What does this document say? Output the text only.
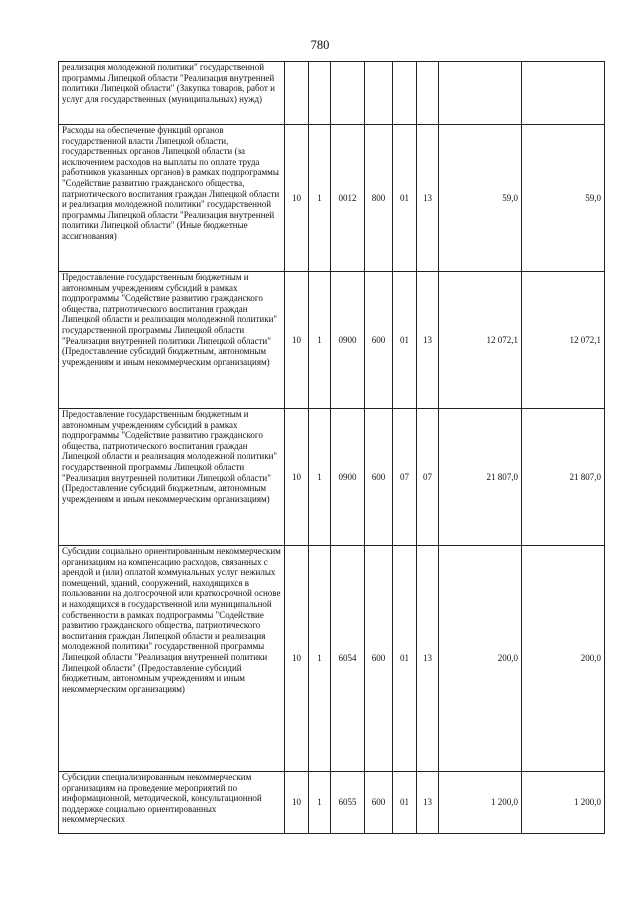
780
реализация молодежной политики" государственной программы Липецкой области "Реализация внутренней политики Липецкой области" (Закупка товаров, работ и услуг для государственных (муниципальных) нужд)								
Расходы на обеспечение функций органов государственной власти Липецкой области, государственных органов Липецкой области (за исключением расходов на выплаты по оплате труда работников указанных органов) в рамках подпрограммы "Содействие развитию гражданского общества, патриотического воспитания граждан Липецкой области и реализация молодежной политики" государственной программы Липецкой области "Реализация внутренней политики Липецкой области" (Иные бюджетные ассигнования)	10	1	0012	800	01	13	59,0	59,0
Предоставление государственным бюджетным и автономным учреждениям субсидий в рамках подпрограммы "Содействие развитию гражданского общества, патриотического воспитания граждан Липецкой области и реализация молодежной политики" государственной программы Липецкой области "Реализация внутренней политики Липецкой области" (Предоставление субсидий бюджетным, автономным учреждениям и иным некоммерческим организациям)	10	1	0900	600	01	13	12 072,1	12 072,1
Предоставление государственным бюджетным и автономным учреждениям субсидий в рамках подпрограммы "Содействие развитию гражданского общества, патриотического воспитания граждан Липецкой области и реализация молодежной политики" государственной программы Липецкой области "Реализация внутренней политики Липецкой области" (Предоставление субсидий бюджетным, автономным учреждениям и иным некоммерческим организациям)	10	1	0900	600	07	07	21 807,0	21 807,0
Субсидии социально ориентированным некоммерческим организациям на компенсацию расходов, связанных с арендой и (или) оплатой коммунальных услуг нежилых помещений, зданий, сооружений, находящихся в пользовании на долгосрочной или краткосрочной основе и находящихся в государственной или муниципальной собственности в рамках подпрограммы "Содействие развитию гражданского общества, патриотического воспитания граждан Липецкой области и реализация молодежной политики" государственной программы Липецкой области "Реализация внутренней политики Липецкой области" (Предоставление субсидий бюджетным, автономным учреждениям и иным некоммерческим организациям)	10	1	6054	600	01	13	200,0	200,0
Субсидии специализированным некоммерческим организациям на проведение мероприятий по информационной, методической, консультационной поддержке социально ориентированных некоммерческих	10	1	6055	600	01	13	1 200,0	1 200,0
